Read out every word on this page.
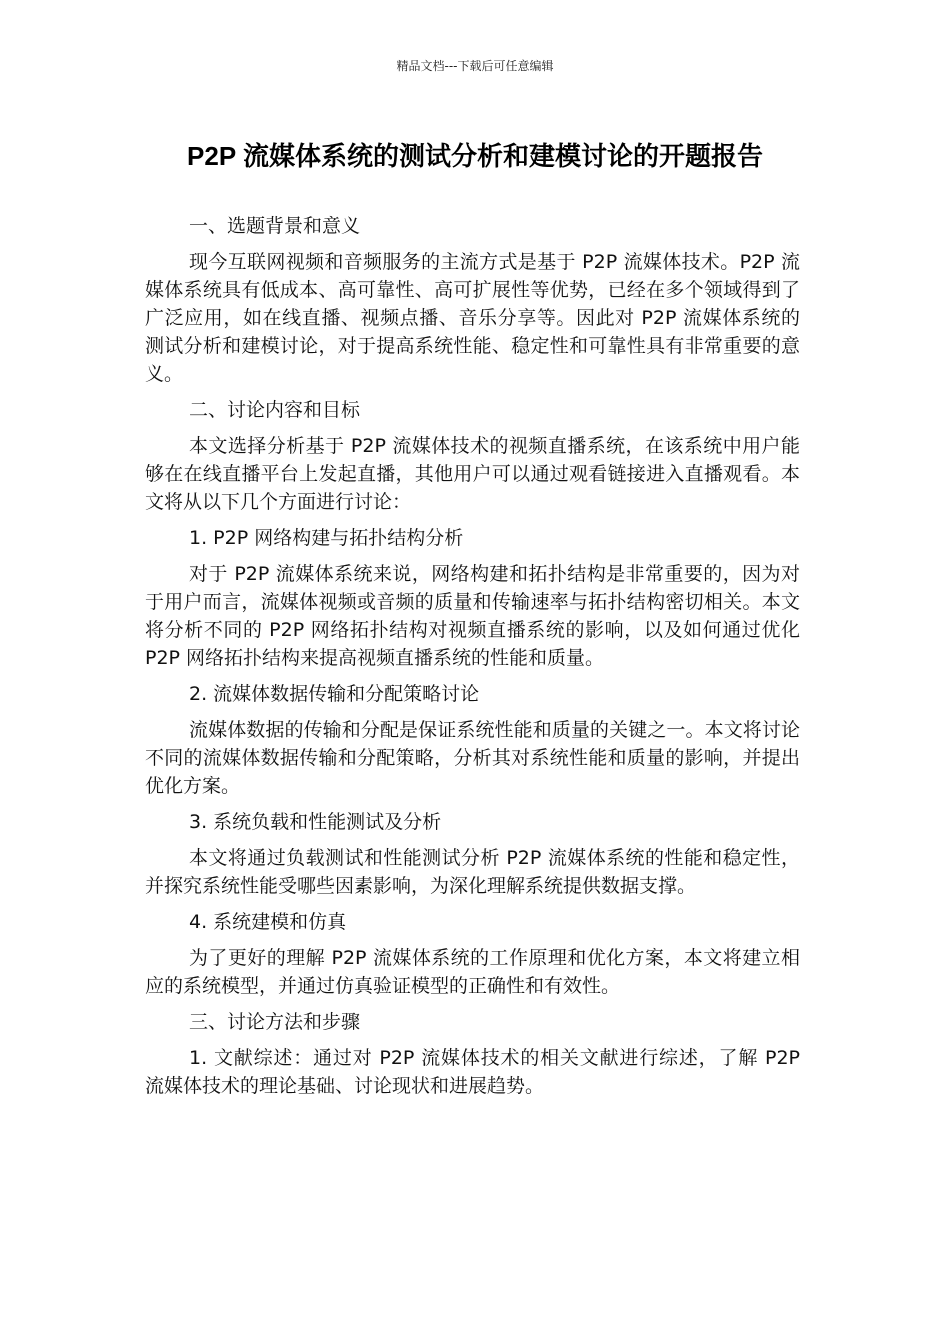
精品文档---下载后可任意编辑
P2P 流媒体系统的测试分析和建模讨论的开题报告
一、选题背景和意义

现今互联网视频和音频服务的主流方式是基于 P2P 流媒体技术。P2P 流媒体系统具有低成本、高可靠性、高可扩展性等优势，已经在多个领域得到了广泛应用，如在线直播、视频点播、音乐分享等。因此对 P2P 流媒体系统的测试分析和建模讨论，对于提高系统性能、稳定性和可靠性具有非常重要的意义。

二、讨论内容和目标

本文选择分析基于 P2P 流媒体技术的视频直播系统，在该系统中用户能够在在线直播平台上发起直播，其他用户可以通过观看链接进入直播观看。本文将从以下几个方面进行讨论：

1. P2P 网络构建与拓扑结构分析

对于 P2P 流媒体系统来说，网络构建和拓扑结构是非常重要的，因为对于用户而言，流媒体视频或音频的质量和传输速率与拓扑结构密切相关。本文将分析不同的 P2P 网络拓扑结构对视频直播系统的影响，以及如何通过优化 P2P 网络拓扑结构来提高视频直播系统的性能和质量。

2. 流媒体数据传输和分配策略讨论

流媒体数据的传输和分配是保证系统性能和质量的关键之一。本文将讨论不同的流媒体数据传输和分配策略，分析其对系统性能和质量的影响，并提出优化方案。

3. 系统负载和性能测试及分析

本文将通过负载测试和性能测试分析 P2P 流媒体系统的性能和稳定性，并探究系统性能受哪些因素影响，为深化理解系统提供数据支撑。

4. 系统建模和仿真

为了更好的理解 P2P 流媒体系统的工作原理和优化方案，本文将建立相应的系统模型，并通过仿真验证模型的正确性和有效性。

三、讨论方法和步骤

1. 文献综述：通过对 P2P 流媒体技术的相关文献进行综述，了解 P2P 流媒体技术的理论基础、讨论现状和进展趋势。
